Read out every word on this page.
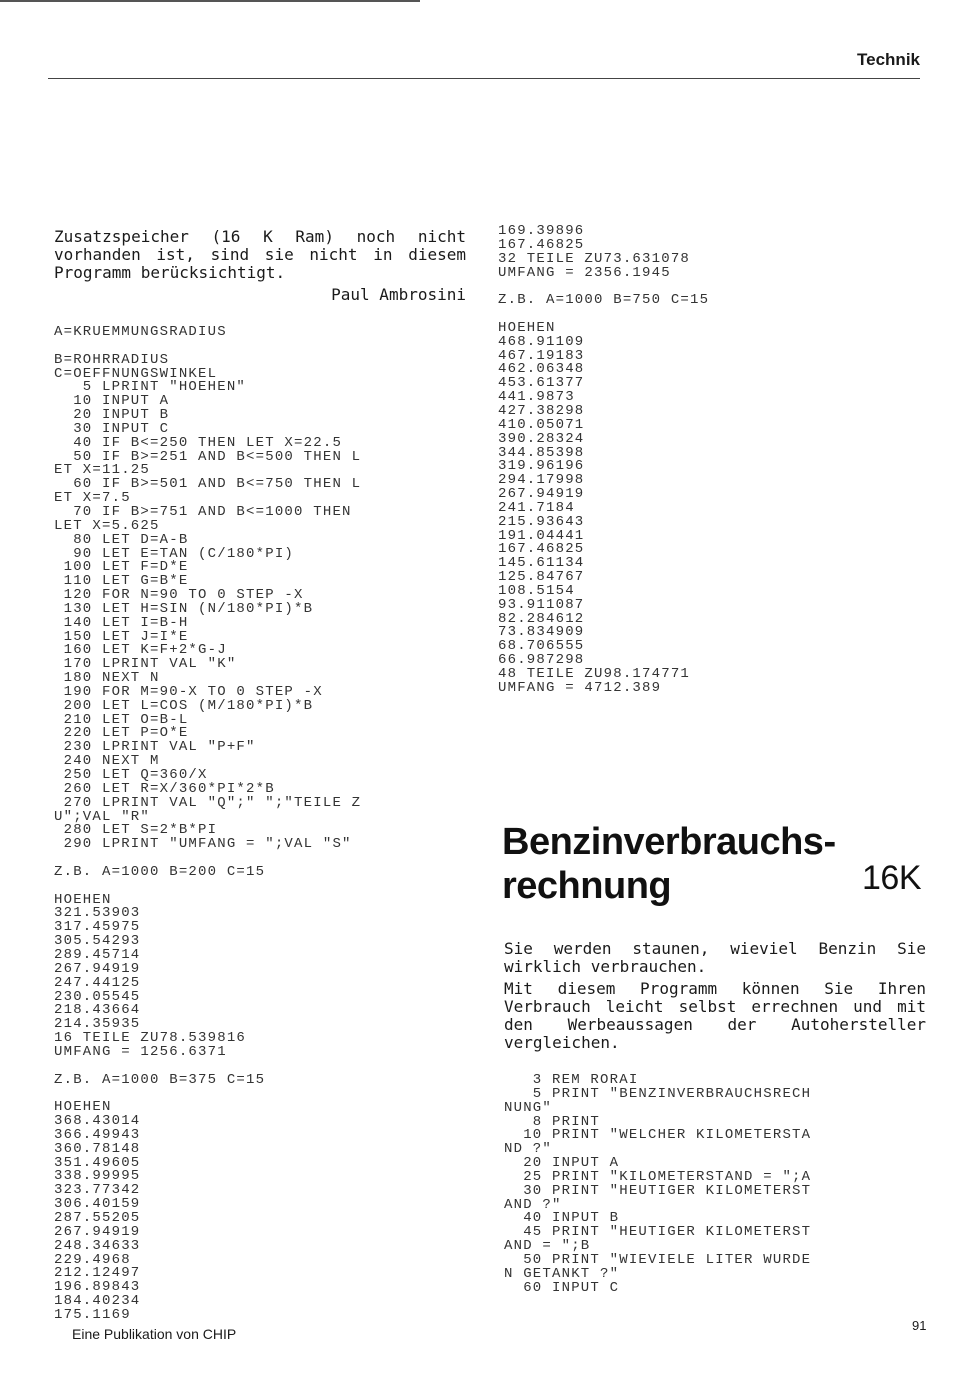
Technik

Zusatzspeicher (16 K Ram) noch nicht vorhanden ist, sind sie nicht in diesem Programm berücksichtigt.

Paul Ambrosini
A=KRUEMMUNGSRADIUS

B=ROHRRADIUS
C=OEFFNUNGSWINKEL
5 LPRINT "HOEHEN"
10 INPUT A
20 INPUT B
30 INPUT C
40 IF B<=250 THEN LET X=22.5
50 IF B>=251 AND B<=500 THEN L
ET X=11.25
60 IF B>=501 AND B<=750 THEN L
ET X=7.5
70 IF B>=751 AND B<=1000 THEN
LET X=5.625
80 LET D=A-B
90 LET E=TAN (C/180*PI)
100 LET F=D*E
110 LET G=B*E
120 FOR N=90 TO 0 STEP -X
130 LET H=SIN (N/180*PI)*B
140 LET I=B-H
150 LET J=I*E
160 LET K=F+2*G-J
170 LPRINT VAL "K"
180 NEXT N
190 FOR M=90-X TO 0 STEP -X
200 LET L=COS (M/180*PI)*B
210 LET O=B-L
220 LET P=O*E
230 LPRINT VAL "P+F"
240 NEXT M
250 LET Q=360/X
260 LET R=X/360*PI*2*B
270 LPRINT VAL "Q";" ";"TEILE Z
U";VAL "R"
280 LET S=2*B*PI
290 LPRINT "UMFANG = ";VAL "S"

Z.B. A=1000 B=200 C=15

HOEHEN
321.53903
317.45975
305.54293
289.45714
267.94919
247.44125
230.05545
218.43664
214.35935
16 TEILE ZU78.539816
UMFANG = 1256.6371

Z.B. A=1000 B=375 C=15

HOEHEN
368.43014
366.49943
360.78148
351.49605
338.99995
323.77342
306.40159
287.55205
267.94919
248.34633
229.4968
212.12497
196.89843
184.40234
175.1169
169.39896
167.46825
32 TEILE ZU73.631078
UMFANG = 2356.1945

Z.B. A=1000 B=750 C=15

HOEHEN
468.91109
467.19183
462.06348
453.61377
441.9873
427.38298
410.05071
390.28324
344.85398
319.96196
294.17998
267.94919
241.7184
215.93643
191.04441
167.46825
145.61134
125.84767
108.5154
93.911087
82.284612
73.834909
68.706555
66.987298
48 TEILE ZU98.174771
UMFANG = 4712.389
Benzinverbrauchs-
rechnung	16K

Sie werden staunen, wieviel Benzin Sie wirklich verbrauchen.

Mit diesem Programm können Sie Ihren Verbrauch leicht selbst errechnen und mit den Werbeaussagen der Autohersteller vergleichen.

3 REM RORAI
5 PRINT "BENZINVERBRAUCHSRECH
NUNG"
8 PRINT
10 PRINT "WELCHER KILOMETERSTA
ND ?"
20 INPUT A
25 PRINT "KILOMETERSTAND = ";A
30 PRINT "HEUTIGER KILOMETERST
AND ?"
40 INPUT B
45 PRINT "HEUTIGER KILOMETERST
AND = ";B
50 PRINT "WIEVIELE LITER WURDE
N GETANKT ?"
60 INPUT C
Eine Publikation von CHIP
91
